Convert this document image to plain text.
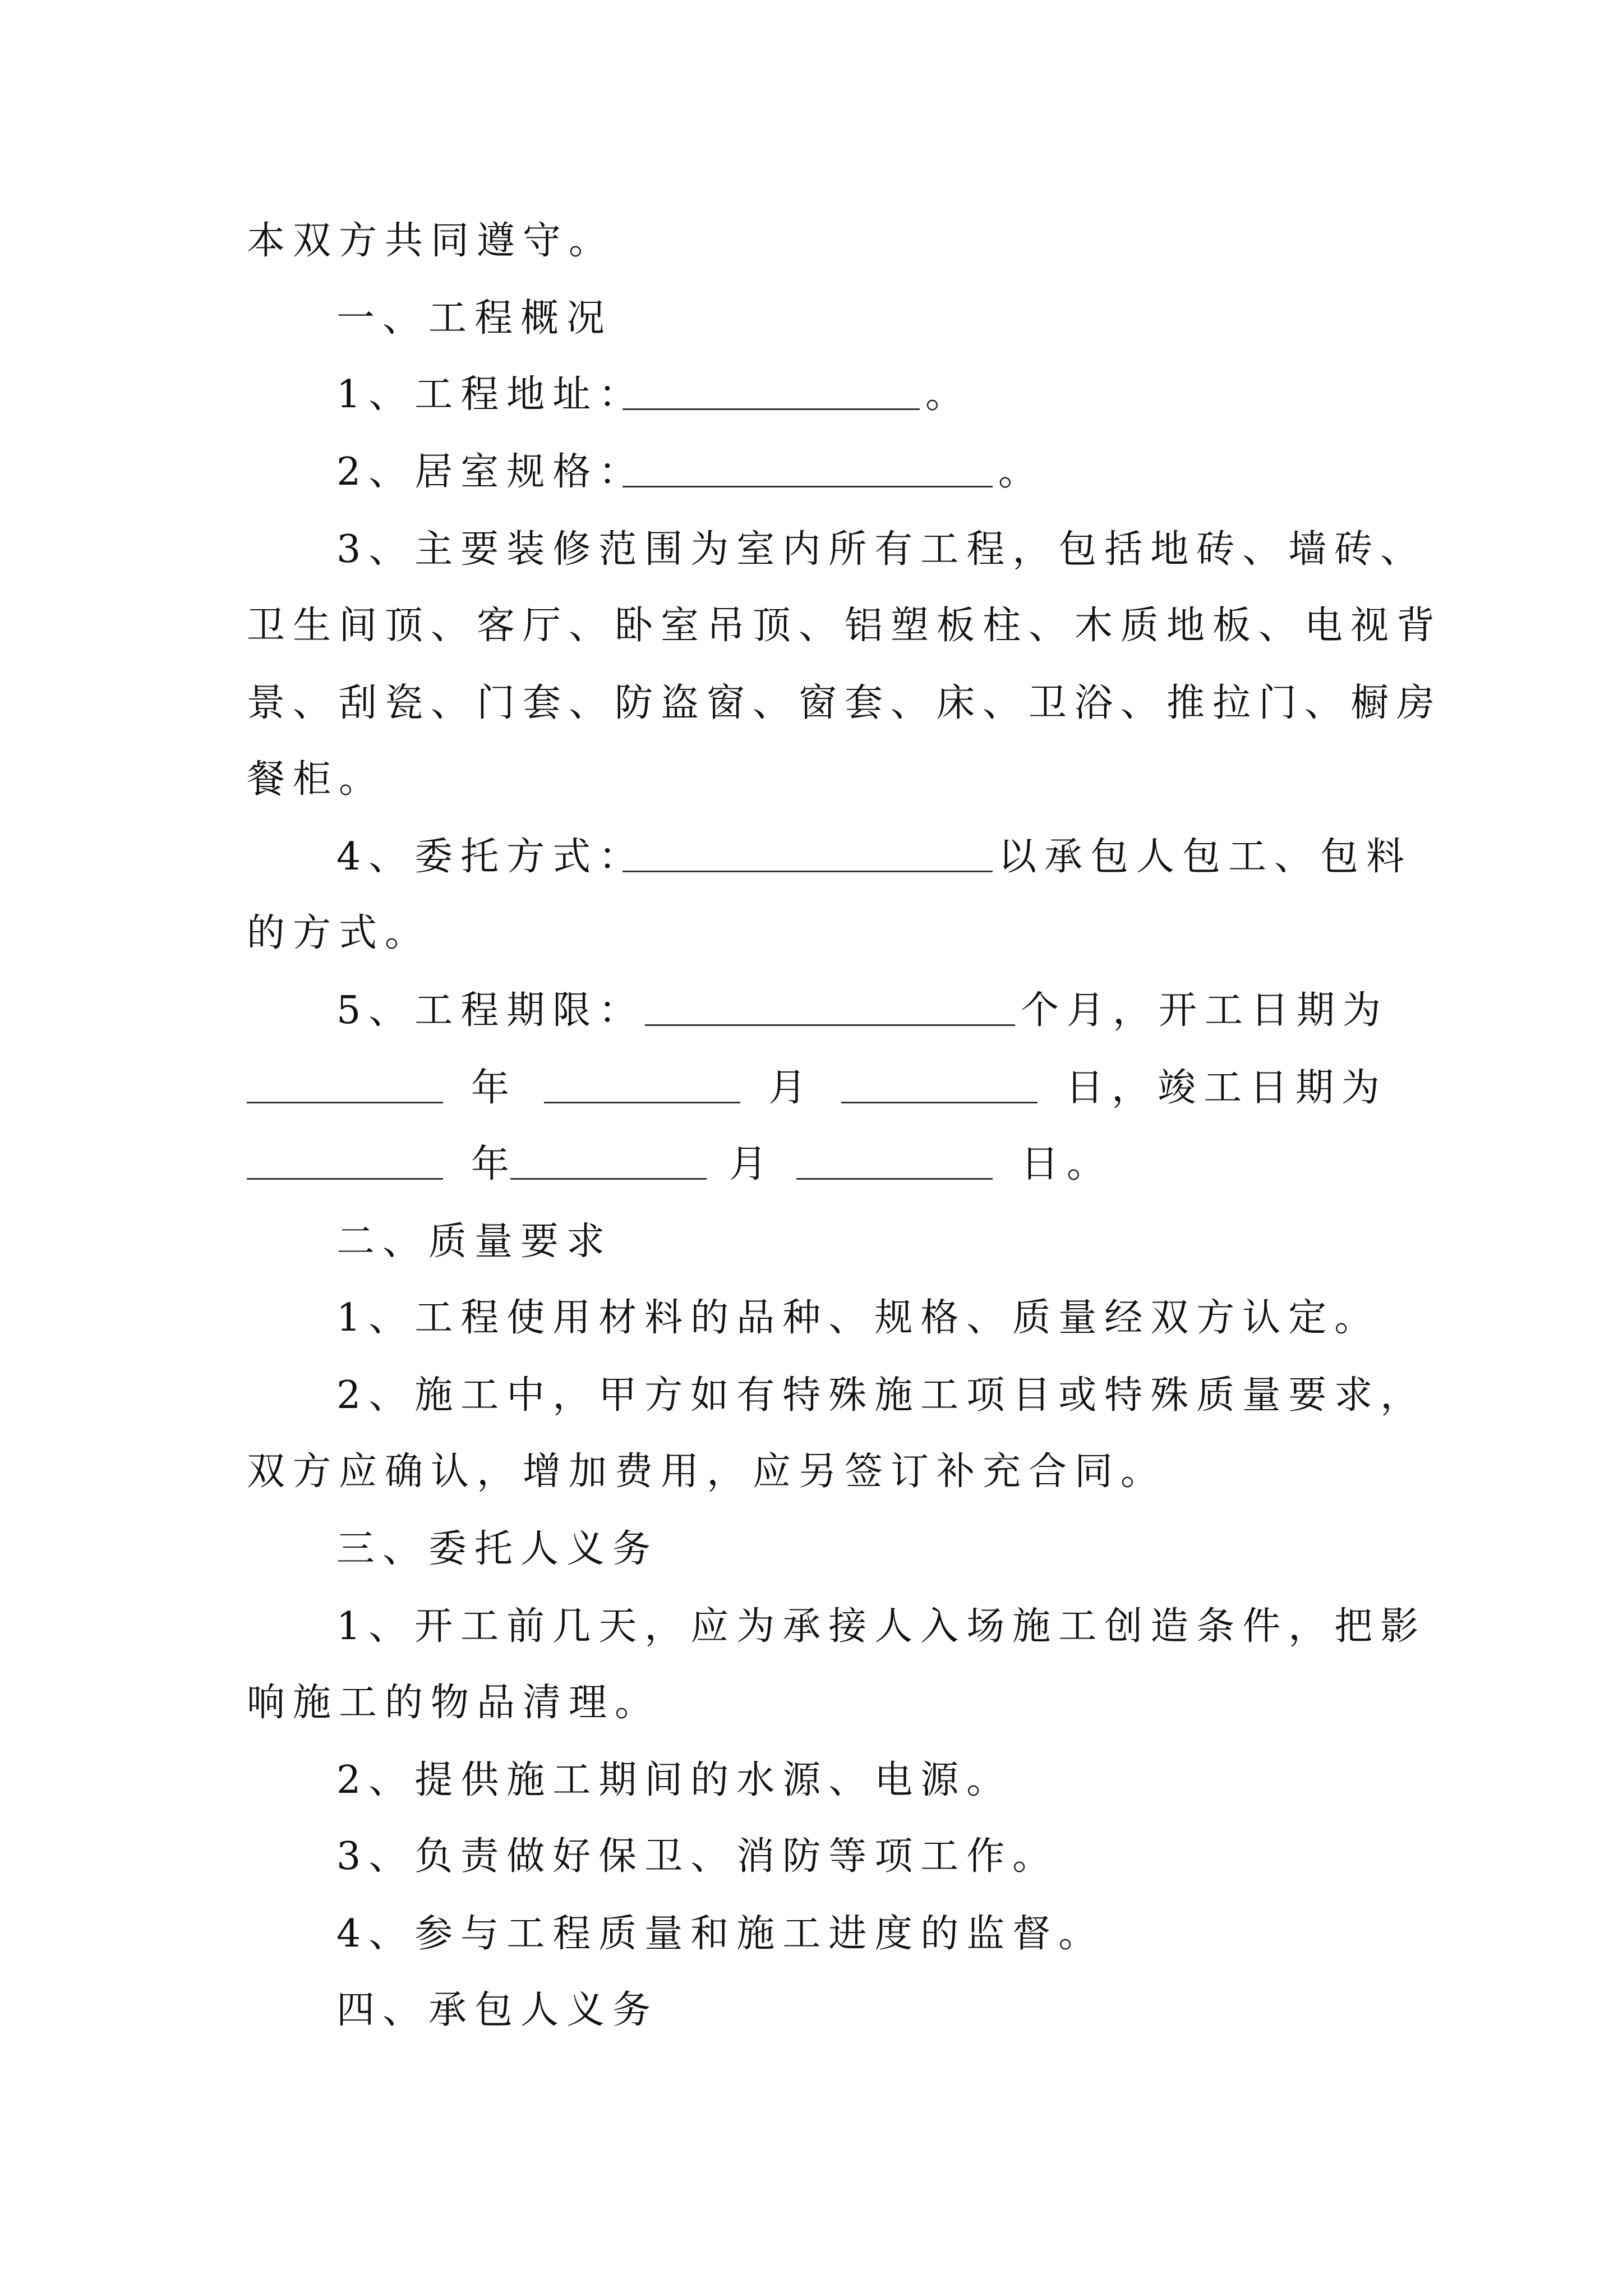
本双方共同遵守。
一、工程概况
1、工程地址：	。
2、居室规格：	。
3、主要装修范围为室内所有工程，包括地砖、墙砖、
卫生间顶、客厅、卧室吊顶、铝塑板柱、木质地板、电视背
景、刮瓷、门套、防盗窗、窗套、床、卫浴、推拉门、橱房
餐柜。
4、委托方式：	以承包人包工、包料
的方式。
5、工程期限：	个月，开工日期为
年	月	日，竣工日期为
年	月	日。
二、质量要求
1、工程使用材料的品种、规格、质量经双方认定。
2、施工中，甲方如有特殊施工项目或特殊质量要求，
双方应确认，增加费用，应另签订补充合同。
三、委托人义务
1、开工前几天，应为承接人入场施工创造条件，把影
响施工的物品清理。
2、提供施工期间的水源、电源。
3、负责做好保卫、消防等项工作。
4、参与工程质量和施工进度的监督。
四、承包人义务
